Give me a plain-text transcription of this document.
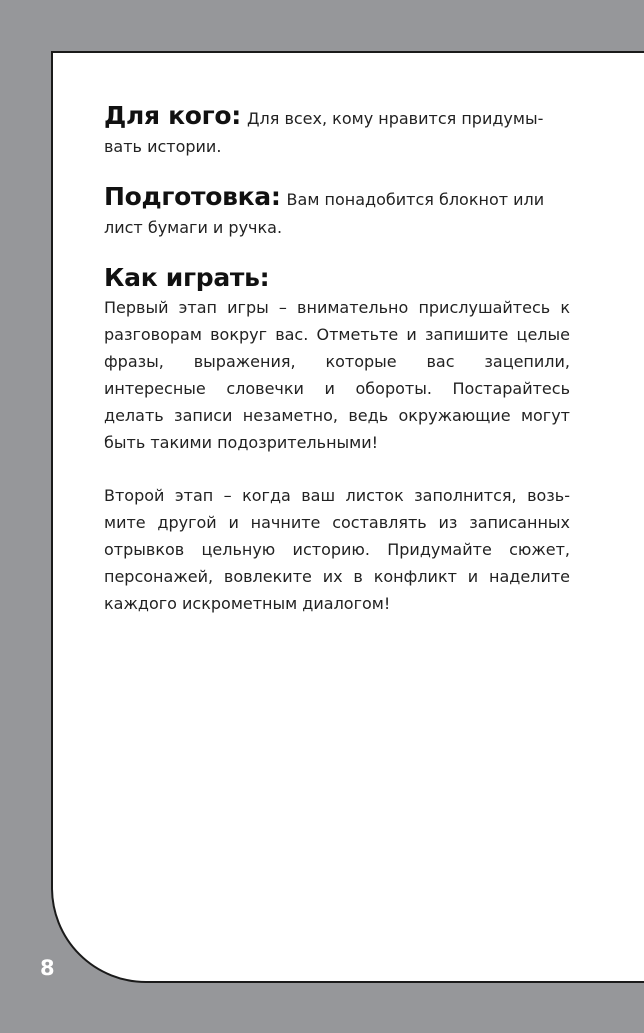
Для кого: Для всех, кому нравится придумы- вать истории.

Подготовка: Вам понадобится блокнот или лист бумаги и ручка.

Как играть:

Первый этап игры – внимательно прислушайтесь к разговорам вокруг вас. Отметьте и запишите целые фразы, выражения, которые вас зацепили, интересные словечки и обороты. Постарайтесь делать записи незаметно, ведь окружающие могут быть такими подозрительными!

Второй этап – когда ваш листок заполнится, возь- мите другой и начните составлять из записанных отрывков цельную историю. Придумайте сюжет, персонажей, вовлеките их в конфликт и наделите каждого искрометным диалогом!

8
